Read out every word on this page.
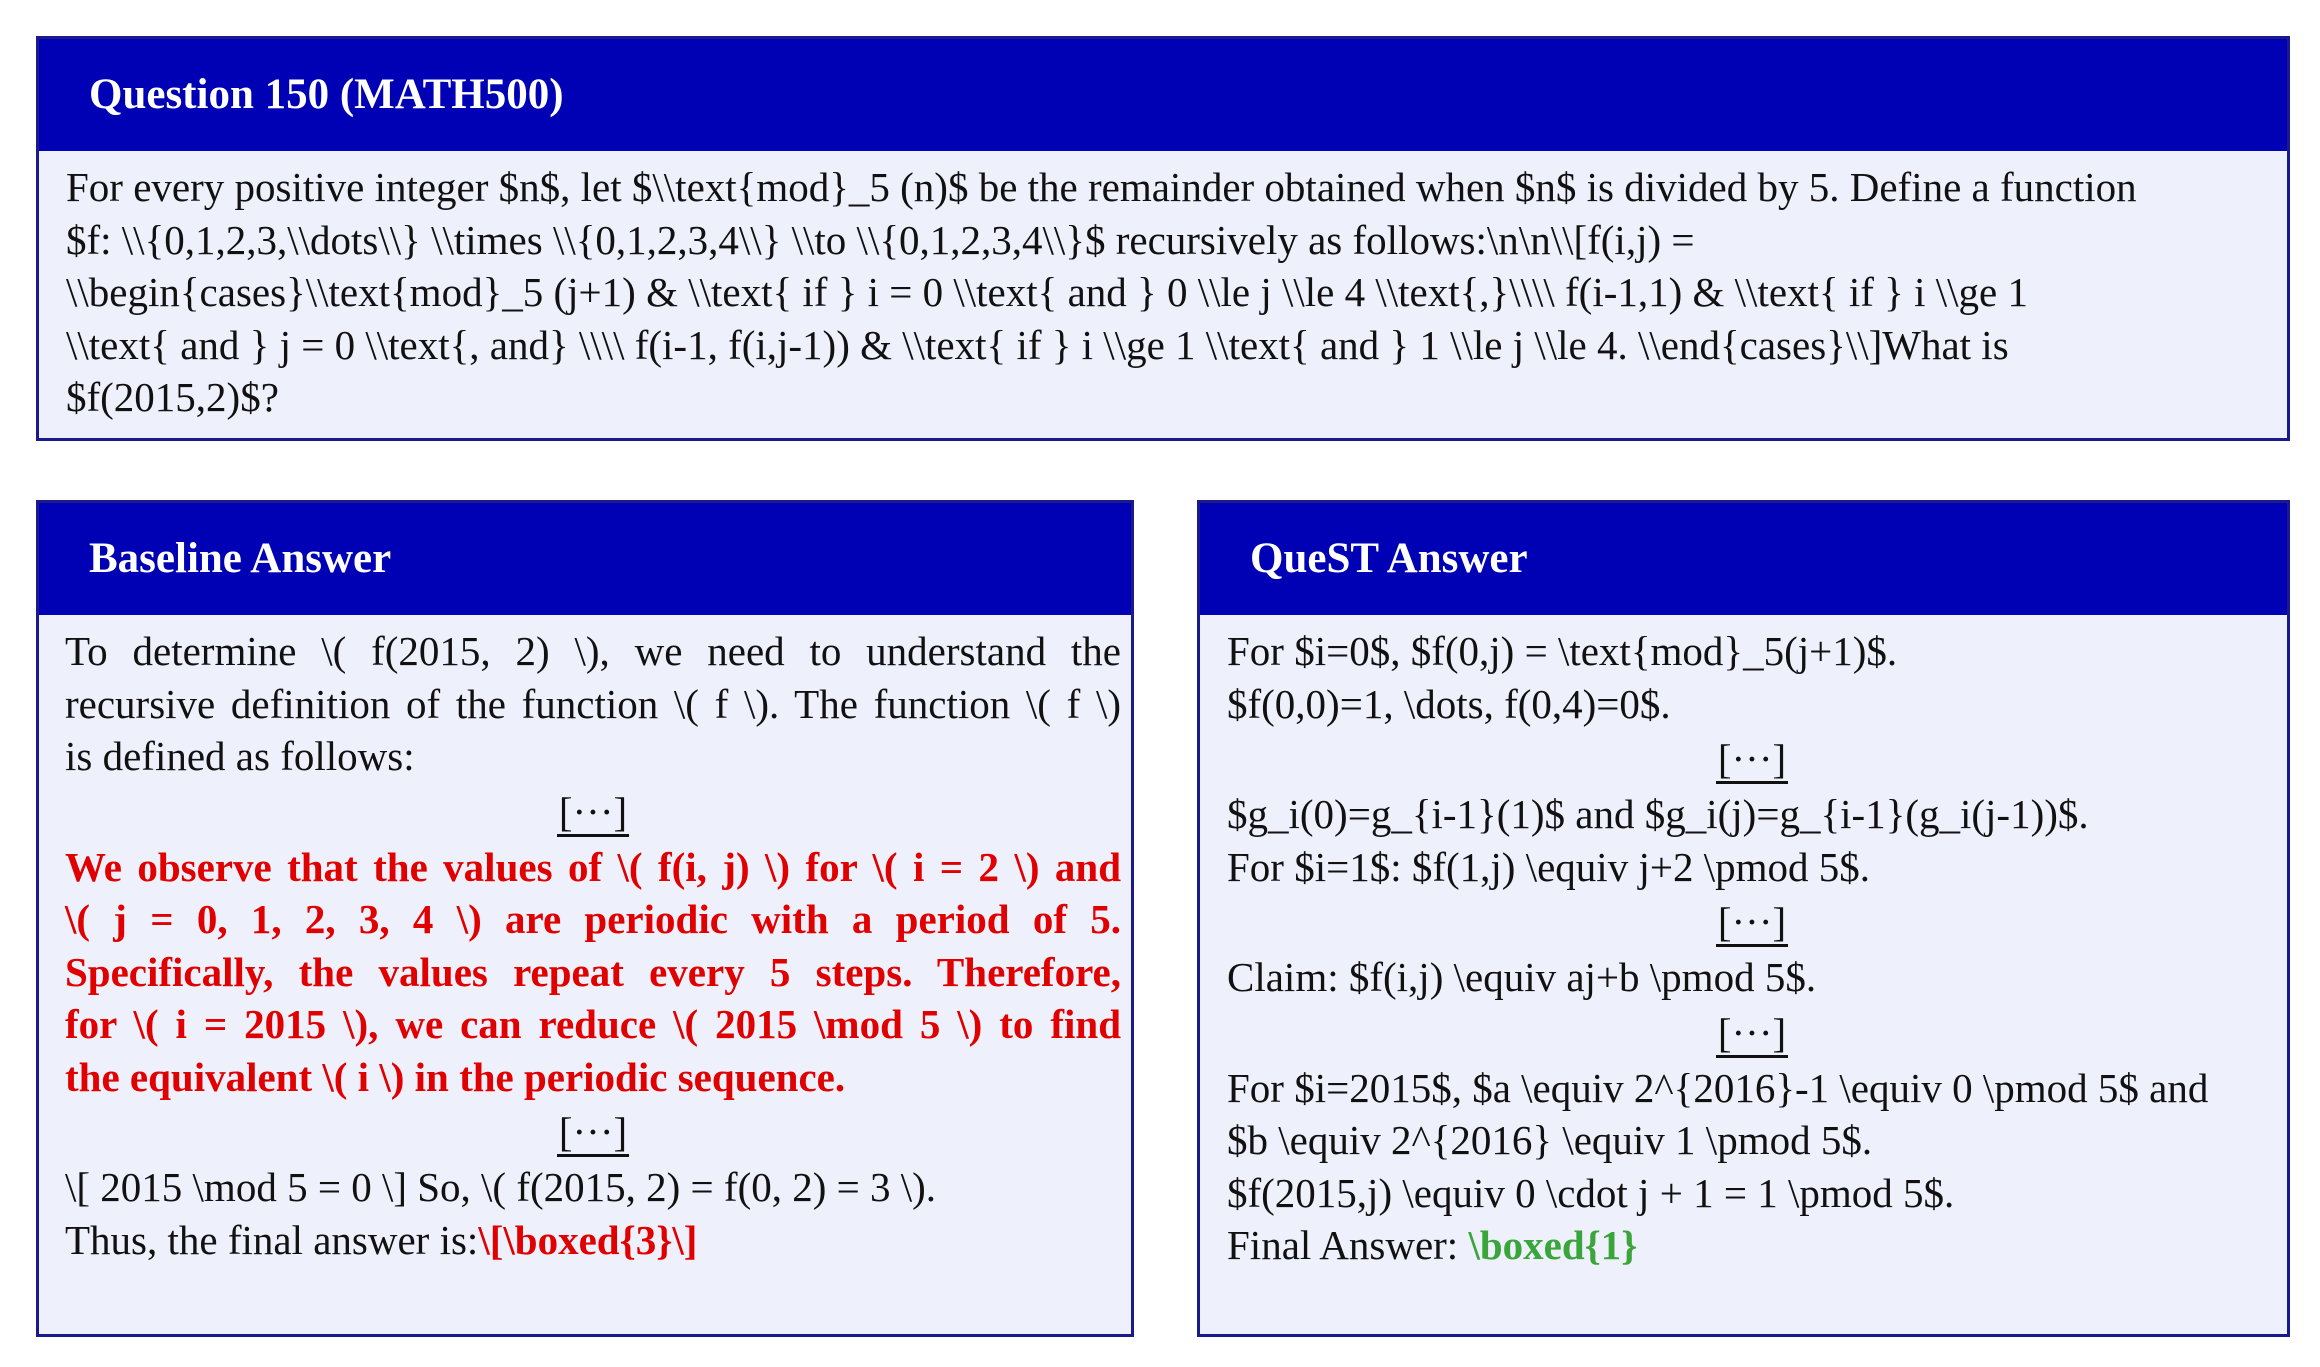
Question 150 (MATH500)
For every positive integer $n$, let $\\text{mod}_5 (n)$ be the remainder obtained when $n$ is divided by 5. Define a function
$f: \\{0,1,2,3,\\dots\\} \\times \\{0,1,2,3,4\\} \\to \\{0,1,2,3,4\\}$ recursively as follows:\n\n\\[f(i,j) =
\\begin{cases}\\text{mod}_5 (j+1) & \\text{ if } i = 0 \\text{ and } 0 \\le j \\le 4 \\text{,}\\\\ f(i-1,1) & \\text{ if } i \\ge 1
\\text{ and } j = 0 \\text{, and} \\\\ f(i-1, f(i,j-1)) & \\text{ if } i \\ge 1 \\text{ and } 1 \\le j \\le 4. \\end{cases}\\]What is
$f(2015,2)$?
Baseline Answer
To determine \( f(2015, 2) \), we need to understand the
recursive definition of the function \( f \). The function \( f \)
is defined as follows:
[···]
We observe that the values of \( f(i, j) \) for \( i = 2 \) and
\( j = 0, 1, 2, 3, 4 \) are periodic with a period of 5.
Specifically, the values repeat every 5 steps. Therefore,
for \( i = 2015 \), we can reduce \( 2015 \mod 5 \) to find
the equivalent \( i \) in the periodic sequence.
[···]
\[ 2015 \mod 5 = 0 \] So, \( f(2015, 2) = f(0, 2) = 3 \).
Thus, the final answer is:\[\boxed{3}\]
QueST Answer
For $i=0$, $f(0,j) = \text{mod}_5(j+1)$.
$f(0,0)=1, \dots, f(0,4)=0$.
[···]
$g_i(0)=g_{i-1}(1)$ and $g_i(j)=g_{i-1}(g_i(j-1))$.
For $i=1$: $f(1,j) \equiv j+2 \pmod 5$.
[···]
Claim: $f(i,j) \equiv aj+b \pmod 5$.
[···]
For $i=2015$, $a \equiv 2^{2016}-1 \equiv 0 \pmod 5$ and
$b \equiv 2^{2016} \equiv 1 \pmod 5$.
$f(2015,j) \equiv 0 \cdot j + 1 = 1 \pmod 5$.
Final Answer: \boxed{1}
